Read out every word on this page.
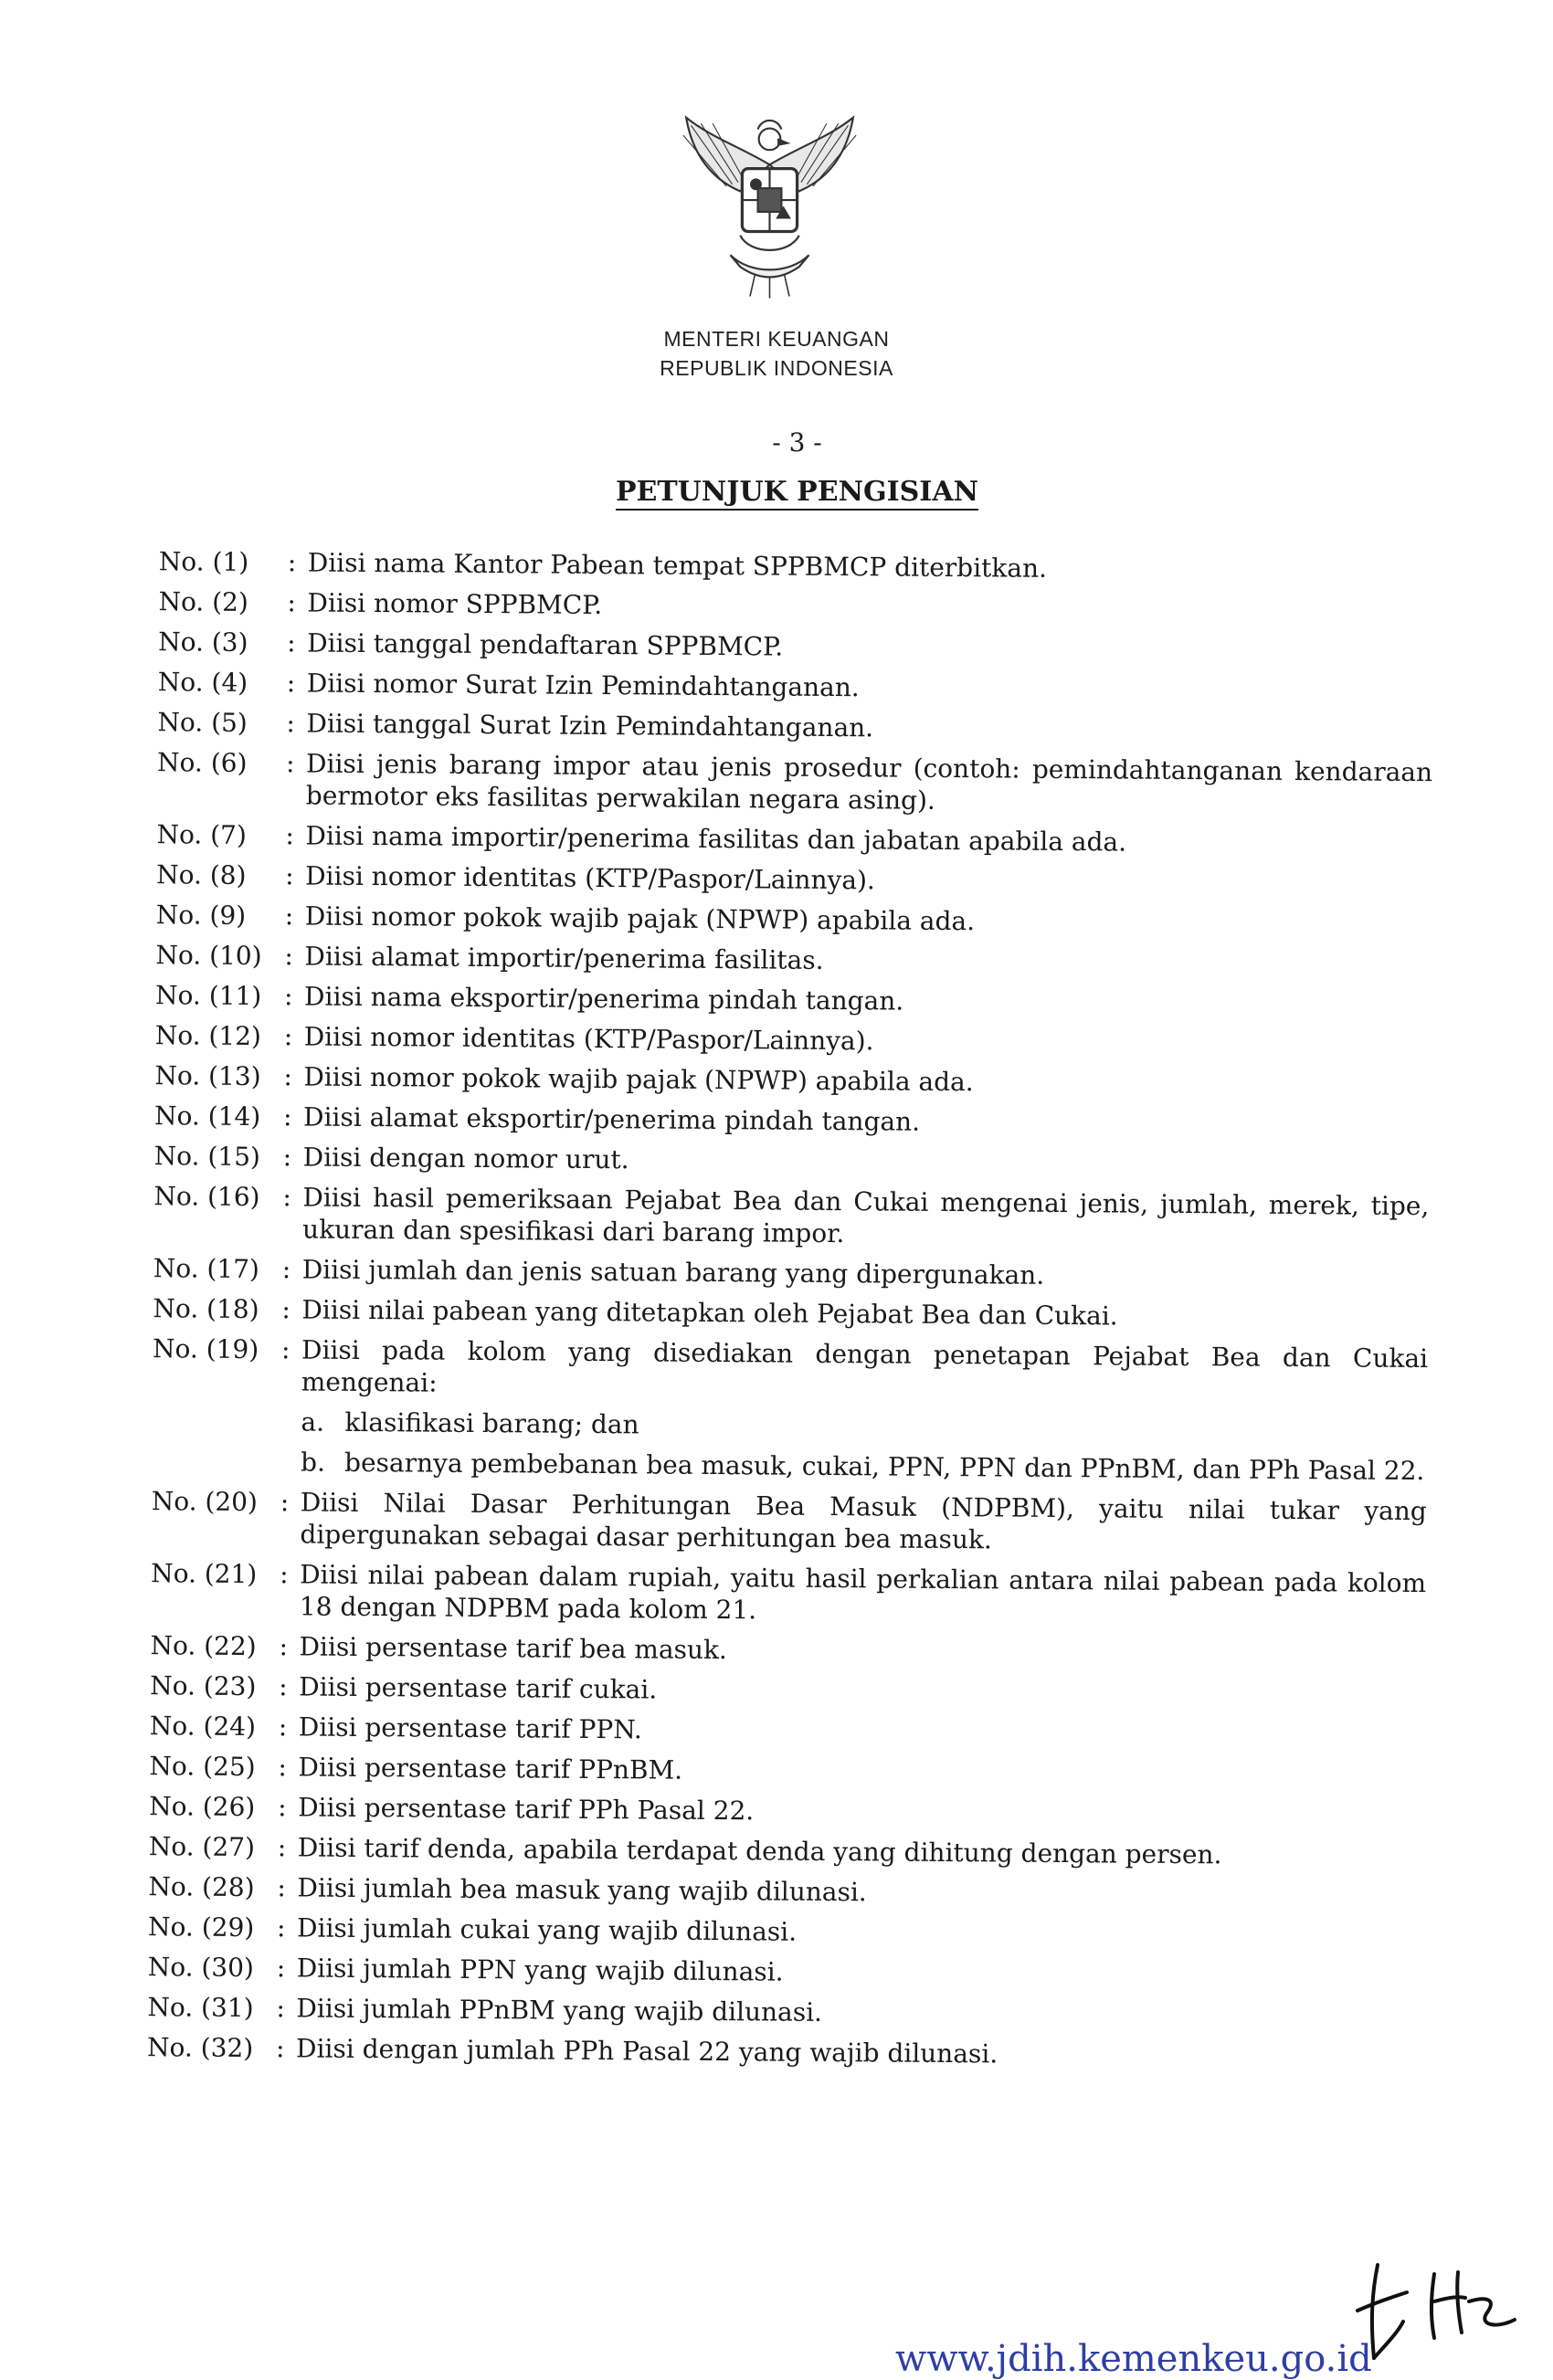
MENTERI KEUANGAN
REPUBLIK INDONESIA
- 3 -
PETUNJUK PENGISIAN
No. (1)	: Diisi nama Kantor Pabean tempat SPPBMCP diterbitkan.
No. (2)	: Diisi nomor SPPBMCP.
No. (3)	: Diisi tanggal pendaftaran SPPBMCP.
No. (4)	: Diisi nomor Surat Izin Pemindahtanganan.
No. (5)	: Diisi tanggal Surat Izin Pemindahtanganan.
No. (6)	: Diisi jenis barang impor atau jenis prosedur (contoh: pemindahtanganan kendaraan bermotor eks fasilitas perwakilan negara asing).
No. (7)	: Diisi nama importir/penerima fasilitas dan jabatan apabila ada.
No. (8)	: Diisi nomor identitas (KTP/Paspor/Lainnya).
No. (9)	: Diisi nomor pokok wajib pajak (NPWP) apabila ada.
No. (10) : Diisi alamat importir/penerima fasilitas.
No. (11) : Diisi nama eksportir/penerima pindah tangan.
No. (12) : Diisi nomor identitas (KTP/Paspor/Lainnya).
No. (13) : Diisi nomor pokok wajib pajak (NPWP) apabila ada.
No. (14) : Diisi alamat eksportir/penerima pindah tangan.
No. (15) : Diisi dengan nomor urut.
No. (16) : Diisi hasil pemeriksaan Pejabat Bea dan Cukai mengenai jenis, jumlah, merek, tipe, ukuran dan spesifikasi dari barang impor.
No. (17) : Diisi jumlah dan jenis satuan barang yang dipergunakan.
No. (18) : Diisi nilai pabean yang ditetapkan oleh Pejabat Bea dan Cukai.
No. (19) : Diisi pada kolom yang disediakan dengan penetapan Pejabat Bea dan Cukai mengenai:
a. klasifikasi barang; dan
b. besarnya pembebanan bea masuk, cukai, PPN, PPN dan PPnBM, dan PPh Pasal 22.
No. (20) : Diisi Nilai Dasar Perhitungan Bea Masuk (NDPBM), yaitu nilai tukar yang dipergunakan sebagai dasar perhitungan bea masuk.
No. (21) : Diisi nilai pabean dalam rupiah, yaitu hasil perkalian antara nilai pabean pada kolom 18 dengan NDPBM pada kolom 21.
No. (22) : Diisi persentase tarif bea masuk.
No. (23) : Diisi persentase tarif cukai.
No. (24) : Diisi persentase tarif PPN.
No. (25) : Diisi persentase tarif PPnBM.
No. (26) : Diisi persentase tarif PPh Pasal 22.
No. (27) : Diisi tarif denda, apabila terdapat denda yang dihitung dengan persen.
No. (28) : Diisi jumlah bea masuk yang wajib dilunasi.
No. (29) : Diisi jumlah cukai yang wajib dilunasi.
No. (30) : Diisi jumlah PPN yang wajib dilunasi.
No. (31) : Diisi jumlah PPnBM yang wajib dilunasi.
No. (32) : Diisi dengan jumlah PPh Pasal 22 yang wajib dilunasi.
www.jdih.kemenkeu.go.id
